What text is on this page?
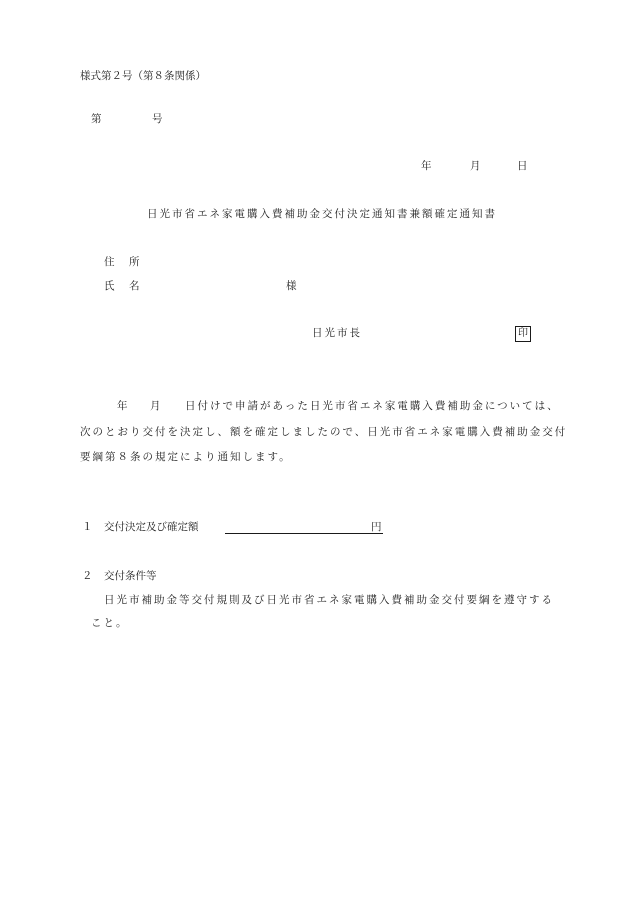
様式第２号（第８条関係）
第	号
年	月	日
日光市省エネ家電購入費補助金交付決定通知書兼額確定通知書
住　所
氏　名	様
日光市長	印
年 月 日付けで申請があった日光市省エネ家電購入費補助金については、
次のとおり交付を決定し、額を確定しましたので、日光市省エネ家電購入費補助金交付
要綱第８条の規定により通知します。
１ 交付決定及び確定額	円
２ 交付条件等
日光市補助金等交付規則及び日光市省エネ家電購入費補助金交付要綱を遵守する
こと。
